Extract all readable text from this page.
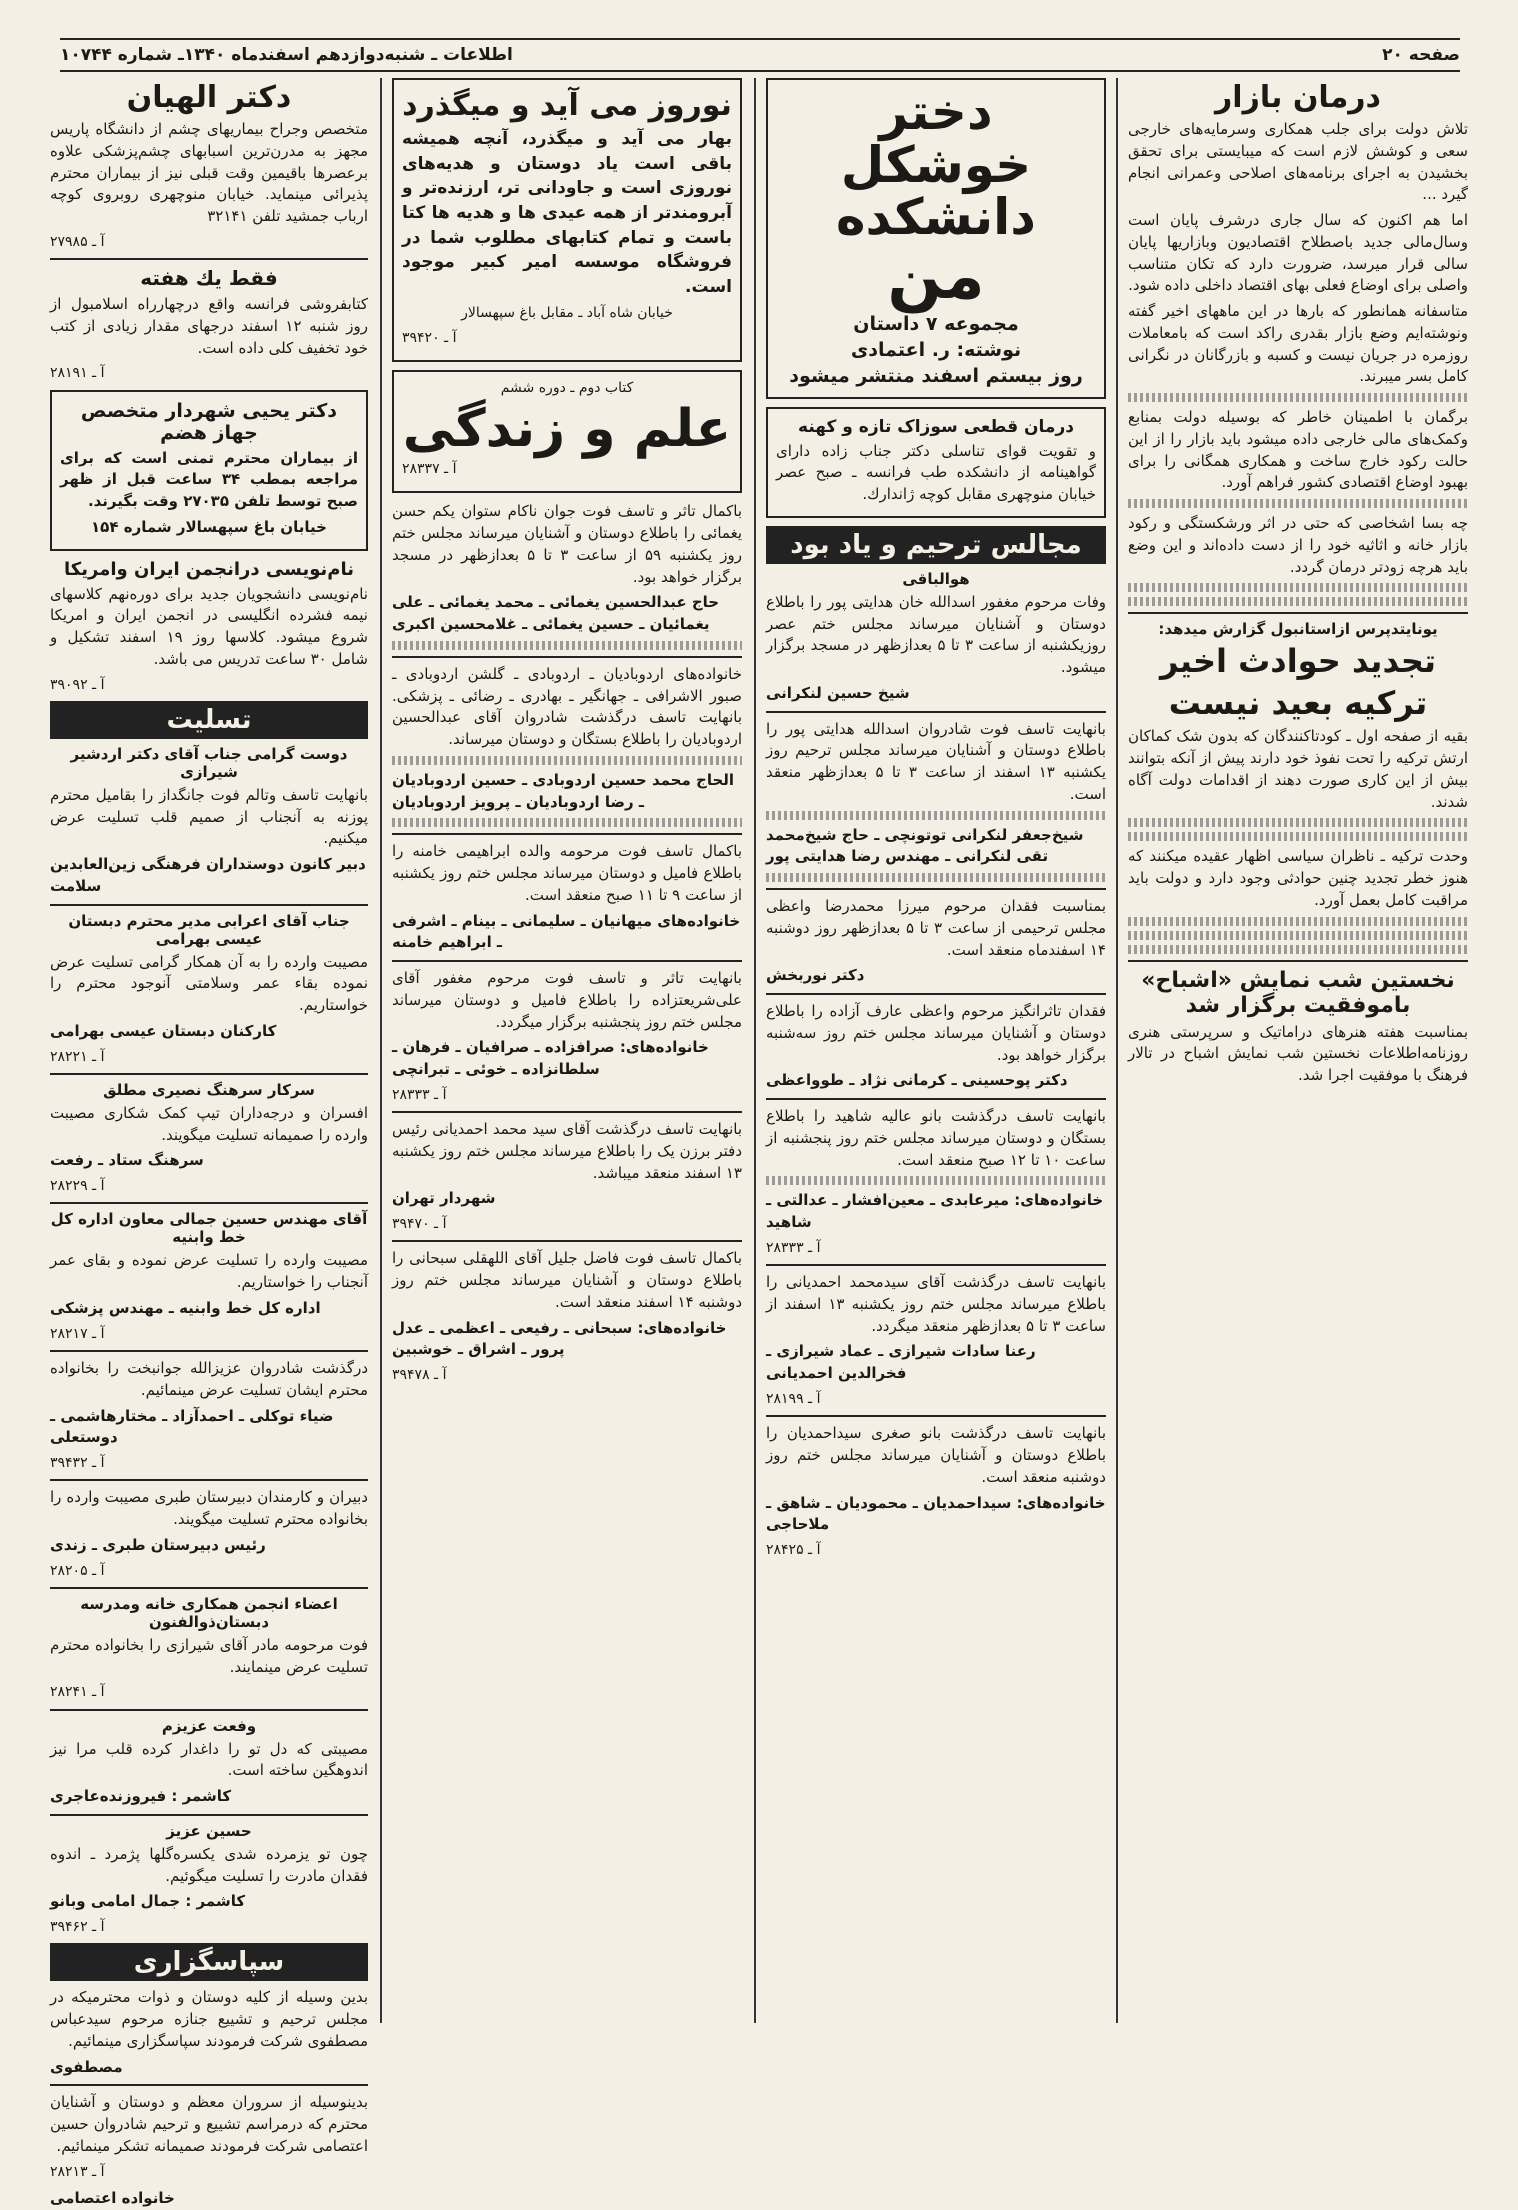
صفحه ۲۰
اطلاعات ـ شنبه‌دوازدهم اسفندماه ۱۳۴۰ـ شماره ۱۰۷۴۴
درمان بازار

تلاش دولت برای جلب همکاری وسرمایه‌های خارجی سعی و کوشش لازم است که میبایستی برای تحقق بخشیدن به اجرای برنامه‌های اصلاحی وعمرانی انجام گیرد ...

اما هم اکنون که سال جاری درشرف پایان است وسال‌مالی جدید باصطلاح اقتصادیون وبازاریها پایان سالی قرار میرسد، ضرورت دارد که تکان متناسب واصلی برای اوضاع فعلی بهای اقتصاد داخلی داده شود.

متاسفانه همانطور که بارها در این ماههای اخیر گفته ونوشته‌ایم وضع بازار بقدری راکد است که بامعاملات روزمره در جریان نیست و کسبه و بازرگانان در نگرانی کامل بسر میبرند.

برگمان با اطمینان خاطر که بوسیله دولت بمنابع وکمک‌های مالی خارجی داده میشود باید بازار را از این حالت رکود خارج ساخت و همکاری همگانی را برای بهبود اوضاع اقتصادی کشور فراهم آورد.

چه بسا اشخاصی که حتی در اثر ورشکستگی و رکود بازار خانه و اثاثیه خود را از دست داده‌اند و این وضع باید هرچه زودتر درمان گردد.

یونایتدپرس ازاستانبول گزارش میدهد:
تجدید حوادث اخیر
ترکیه بعید نیست

بقیه از صفحه اول ـ کودتاکنندگان که بدون شک کماکان ارتش ترکیه را تحت نفوذ خود دارند پیش از آنکه بتوانند بیش از این کاری صورت دهند از اقدامات دولت آگاه شدند.

وحدت ترکیه ـ ناظران سیاسی اظهار عقیده میکنند که هنوز خطر تجدید چنین حوادثی وجود دارد و دولت باید مراقبت کامل بعمل آورد.

نخستین شب نمایش «اشباح» باموفقیت برگزار شد

بمناسبت هفته هنرهای دراماتیک و سرپرستی هنری روزنامه‌اطلاعات نخستین شب نمایش اشباح در تالار فرهنگ با موفقیت اجرا شد.

دختر خوشکل دانشکده
من
مجموعه ۷ داستان
نوشته: ر. اعتمادی
روز بیستم اسفند منتشر میشود
درمان قطعی سوزاک تازه و کهنه

و تقویت قوای تناسلی دکتر جناب زاده دارای گواهینامه از دانشکده طب فرانسه ـ صبح عصر خیابان منوچهری مقابل کوچه ژاندارك.

مجالس ترحیم و یاد بود
هوالباقی

وفات مرحوم مغفور اسدالله خان هدایتی پور را باطلاع دوستان و آشنایان میرساند مجلس ختم عصر روزیکشنبه از ساعت ۳ تا ۵ بعدازظهر در مسجد برگزار میشود.

شیخ حسین لنکرانی

بانهایت تاسف فوت شادروان اسدالله هدایتی پور را باطلاع دوستان و آشنایان میرساند مجلس ترحیم روز یکشنبه ۱۳ اسفند از ساعت ۳ تا ۵ بعدازظهر منعقد است.

شیخ‌جعفر لنکرانی توتونچی ـ حاج شیخ‌محمد تقی لنکرانی ـ مهندس رضا هدایتی پور

بمناسبت فقدان مرحوم میرزا محمدرضا واعظی مجلس ترحیمی از ساعت ۳ تا ۵ بعدازظهر روز دوشنبه ۱۴ اسفندماه منعقد است.

دکتر نوربخش

فقدان تاثرانگیز مرحوم واعظی عارف آزاده را باطلاع دوستان و آشنایان میرساند مجلس ختم روز سه‌شنبه برگزار خواهد بود.

دکتر پوحسینی ـ کرمانی نژاد ـ طوواعظی

بانهایت تاسف درگذشت بانو عالیه شاهید را باطلاع بستگان و دوستان میرساند مجلس ختم روز پنجشنبه از ساعت ۱۰ تا ۱۲ صبح منعقد است.

خانواده‌های: میرعابدی ـ معین‌افشار ـ عدالتی ـ شاهید

آ ـ ۲۸۳۳۳

بانهایت تاسف درگذشت آقای سیدمحمد احمدیانی را باطلاع میرساند مجلس ختم روز یکشنبه ۱۳ اسفند از ساعت ۳ تا ۵ بعدازظهر منعقد میگردد.

رعنا سادات شیرازی ـ عماد شیرازی ـ فخرالدین احمدیانی

آ ـ ۲۸۱۹۹

بانهایت تاسف درگذشت بانو صغری سیداحمدیان را باطلاع دوستان و آشنایان میرساند مجلس ختم روز دوشنبه منعقد است.

خانواده‌های: سیداحمدیان ـ محمودیان ـ شاهق ـ ملاحاجی

آ ـ ۲۸۴۲۵

نوروز می آید و میگذرد

بهار می آید و میگذرد، آنچه همیشه باقی است یاد دوستان و هدیه‌های نوروزی است و جاودانی تر، ارزنده‌تر و آبرومندتر از همه عیدی ها و هدیه ها کتا باست و تمام کتابهای مطلوب شما در فروشگاه موسسه امیر کبیر موجود است.

خیابان شاه آباد ـ مقابل باغ سپهسالار

آ ـ ۳۹۴۲۰

کتاب دوم ـ دوره ششم

علم و زندگی

آ ـ ۲۸۳۳۷

باکمال تاثر و تاسف فوت جوان ناکام ستوان یکم حسن یغمائی را باطلاع دوستان و آشنایان میرساند مجلس ختم روز یکشنبه ۵۹ از ساعت ۳ تا ۵ بعدازظهر در مسجد برگزار خواهد بود.

حاج عبدالحسین یغمائی ـ محمد یغمائی ـ علی یغمائیان ـ حسین یغمائی ـ غلامحسین اکبری

خانواده‌های اردوبادیان ـ اردوبادی ـ گلشن اردوبادی ـ صبور الاشرافی ـ جهانگیر ـ بهادری ـ رضائی ـ پزشکی. بانهایت تاسف درگذشت شادروان آقای عبدالحسین اردوبادیان را باطلاع بستگان و دوستان میرساند.

الحاج محمد حسین اردوبادی ـ حسین اردوبادیان ـ رضا اردوبادیان ـ پرویز اردوبادیان

باکمال تاسف فوت مرحومه والده ابراهیمی خامنه را باطلاع فامیل و دوستان میرساند مجلس ختم روز یکشنبه از ساعت ۹ تا ۱۱ صبح منعقد است.

خانواده‌های میهانیان ـ سلیمانی ـ بینام ـ اشرفی ـ ابراهیم خامنه

بانهایت تاثر و تاسف فوت مرحوم مغفور آقای علی‌شریعتزاده را باطلاع فامیل و دوستان میرساند مجلس ختم روز پنجشنبه برگزار میگردد.

خانواده‌های: صرافزاده ـ صرافیان ـ فرهان ـ سلطانزاده ـ خوئی ـ تبرانچی

آ ـ ۲۸۳۳۳

بانهایت تاسف درگذشت آقای سید محمد احمدیانی رئیس دفتر برزن یک را باطلاع میرساند مجلس ختم روز یکشنبه ۱۳ اسفند منعقد میباشد.

شهردار تهران

آ ـ ۳۹۴۷۰

باکمال تاسف فوت فاضل جلیل آقای اللهقلی سبحانی را باطلاع دوستان و آشنایان میرساند مجلس ختم روز دوشنبه ۱۴ اسفند منعقد است.

خانواده‌های: سبحانی ـ رفیعی ـ اعظمی ـ عدل پرور ـ اشراق ـ خوشبین

آ ـ ۳۹۴۷۸

دکتر الهیان

متخصص وجراح بیماریهای چشم از دانشگاه پاریس مجهز به مدرن‌ترین اسبابهای چشم‌پزشکی علاوه برعصرها باقیمین وقت قبلی نیز از بیماران محترم پذیرائی مینماید. خیابان منوچهری روبروی کوچه ارباب جمشید تلفن ۳۲۱۴۱

آ ـ ۲۷۹۸۵

فقط یك هفته

کتابفروشی فرانسه واقع درچهارراه اسلامبول از روز شنبه ۱۲ اسفند درجهای مقدار زیادی از کتب خود تخفیف کلی داده است.

آ ـ ۲۸۱۹۱

دکتر یحیی شهردار متخصص جهاز هضم

از بیماران محترم تمنی است که برای مراجعه بمطب ۳۴ ساعت قبل از ظهر صبح توسط تلفن ۲۷۰۳۵ وقت بگیرند.

خیابان باغ سپهسالار شماره ۱۵۴

نام‌نویسی درانجمن ایران وامریکا

نام‌نویسی دانشجویان جدید برای دوره‌نهم کلاسهای نیمه فشرده انگلیسی در انجمن ایران و امریکا شروع میشود. کلاسها روز ۱۹ اسفند تشکیل و شامل ۳۰ ساعت تدریس می باشد.

آ ـ ۳۹۰۹۲

تسلیت
دوست گرامی جناب آقای دکتر اردشیر شیرازی

بانهایت تاسف وتالم فوت جانگداز را بقامیل محترم پوزنه به آنجناب از صمیم قلب تسلیت عرض میکنیم.

دبیر کانون دوستداران فرهنگی زین‌العابدین سلامت

جناب آقای اعرابی مدیر محترم دبستان عیسی بهرامی

مصیبت وارده را به آن همکار گرامی تسلیت عرض نموده بقاء عمر وسلامتی آنوجود محترم را خواستاریم.

کارکنان دبستان عیسی بهرامی

آ ـ ۲۸۲۲۱

سرکار سرهنگ نصیری مطلق

افسران و درجه‌داران تیپ کمک شکاری مصیبت وارده را صمیمانه تسلیت میگویند.

سرهنگ ستاد ـ رفعت

آ ـ ۲۸۲۲۹

آقای مهندس حسین جمالی معاون اداره کل خط وابنیه

مصیبت وارده را تسلیت عرض نموده و بقای عمر آنجناب را خواستاریم.

اداره کل خط وابنیه ـ مهندس پزشکی

آ ـ ۲۸۲۱۷

درگذشت شادروان عزیزالله جوانبخت را بخانواده محترم ایشان تسلیت عرض مینمائیم.

ضیاء توکلی ـ احمدآزاد ـ مختارهاشمی ـ دوستعلی

آ ـ ۳۹۴۳۲

دبیران و کارمندان دبیرستان طبری مصیبت وارده را بخانواده محترم تسلیت میگویند.

رئیس دبیرستان طبری ـ زندی

آ ـ ۲۸۲۰۵

اعضاء انجمن همکاری خانه ومدرسه دبستان‌ذوالفنون

فوت مرحومه مادر آقای شیرازی را بخانواده محترم تسلیت عرض مینمایند.

آ ـ ۲۸۲۴۱

وفعت عزیزم

مصیبتی که دل تو را داغدار کرده قلب مرا نیز اندوهگین ساخته است.

کاشمر : فیروزنده‌عاجری

حسین عزیز

چون تو یزمرده شدی یکسره‌گلها پژمرد ـ اندوه فقدان مادرت را تسلیت میگوئیم.

کاشمر : جمال امامی وبانو

آ ـ ۳۹۴۶۲

سپاسگزاری

بدین وسیله از کلیه دوستان و ذوات محترمیکه در مجلس ترحیم و تشییع جنازه مرحوم سیدعباس مصطفوی شرکت فرمودند سپاسگزاری مینمائیم.

مصطفوی

بدینوسیله از سروران معظم و دوستان و آشنایان محترم که درمراسم تشییع و ترحیم شادروان حسین اعتصامی شرکت فرمودند صمیمانه تشکر مینمائیم.

آ ـ ۲۸۲۱۳

خانواده اعتصامی
